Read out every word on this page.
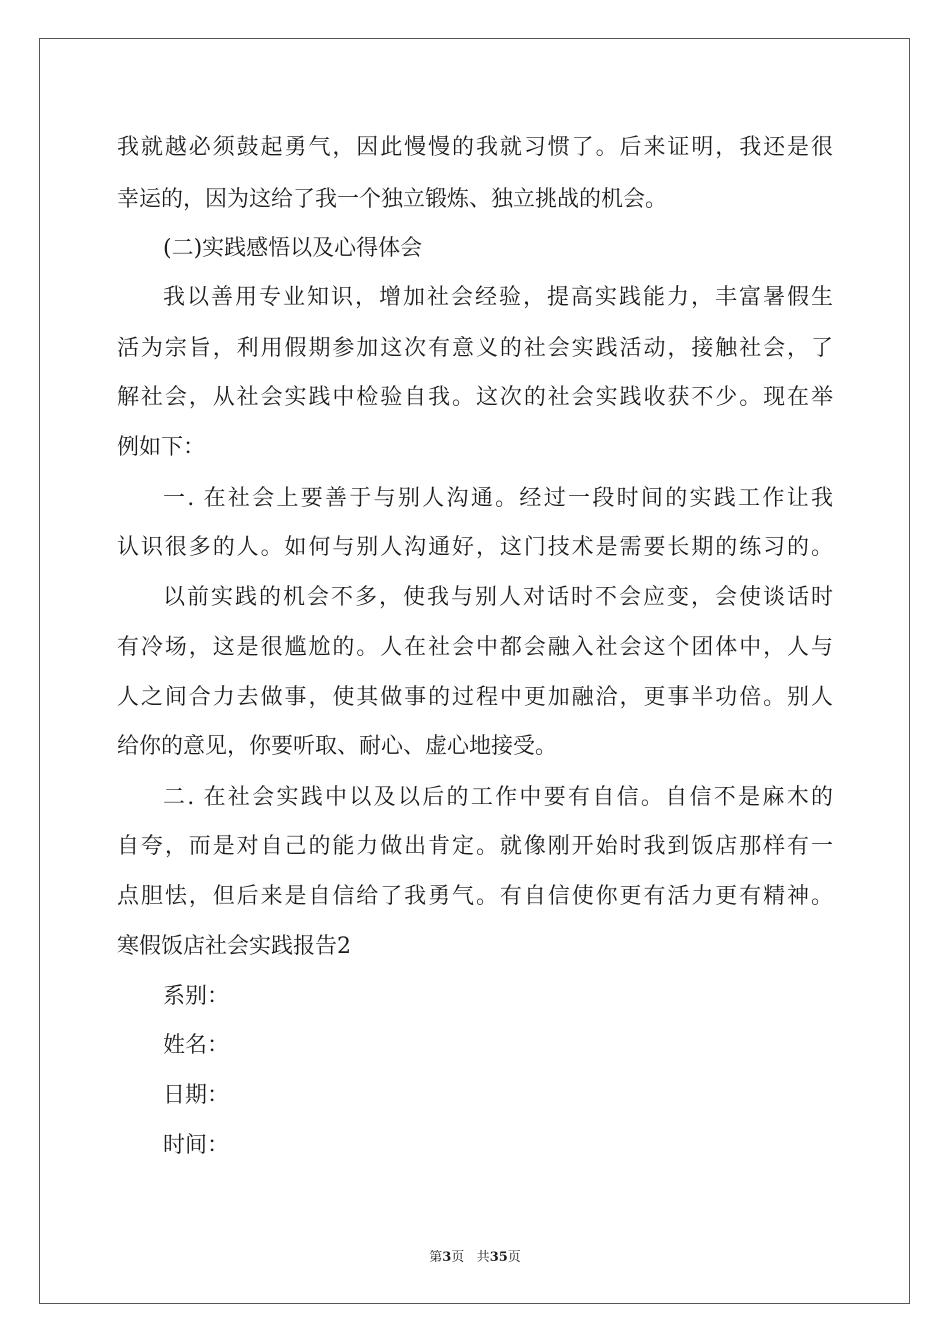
我就越必须鼓起勇气，因此慢慢的我就习惯了。后来证明，我还是很
幸运的，因为这给了我一个独立锻炼、独立挑战的机会。
(二)实践感悟以及心得体会
我以善用专业知识，增加社会经验，提高实践能力，丰富暑假生
活为宗旨，利用假期参加这次有意义的社会实践活动，接触社会，了
解社会，从社会实践中检验自我。这次的社会实践收获不少。现在举
例如下：
一. 在社会上要善于与别人沟通。经过一段时间的实践工作让我
认识很多的人。如何与别人沟通好，这门技术是需要长期的练习的。
以前实践的机会不多，使我与别人对话时不会应变，会使谈话时
有冷场，这是很尴尬的。人在社会中都会融入社会这个团体中，人与
人之间合力去做事，使其做事的过程中更加融洽，更事半功倍。别人
给你的意见，你要听取、耐心、虚心地接受。
二. 在社会实践中以及以后的工作中要有自信。自信不是麻木的
自夸，而是对自己的能力做出肯定。就像刚开始时我到饭店那样有一
点胆怯，但后来是自信给了我勇气。有自信使你更有活力更有精神。
寒假饭店社会实践报告2
系别：
姓名：
日期：
时间：
第3页 共35页
